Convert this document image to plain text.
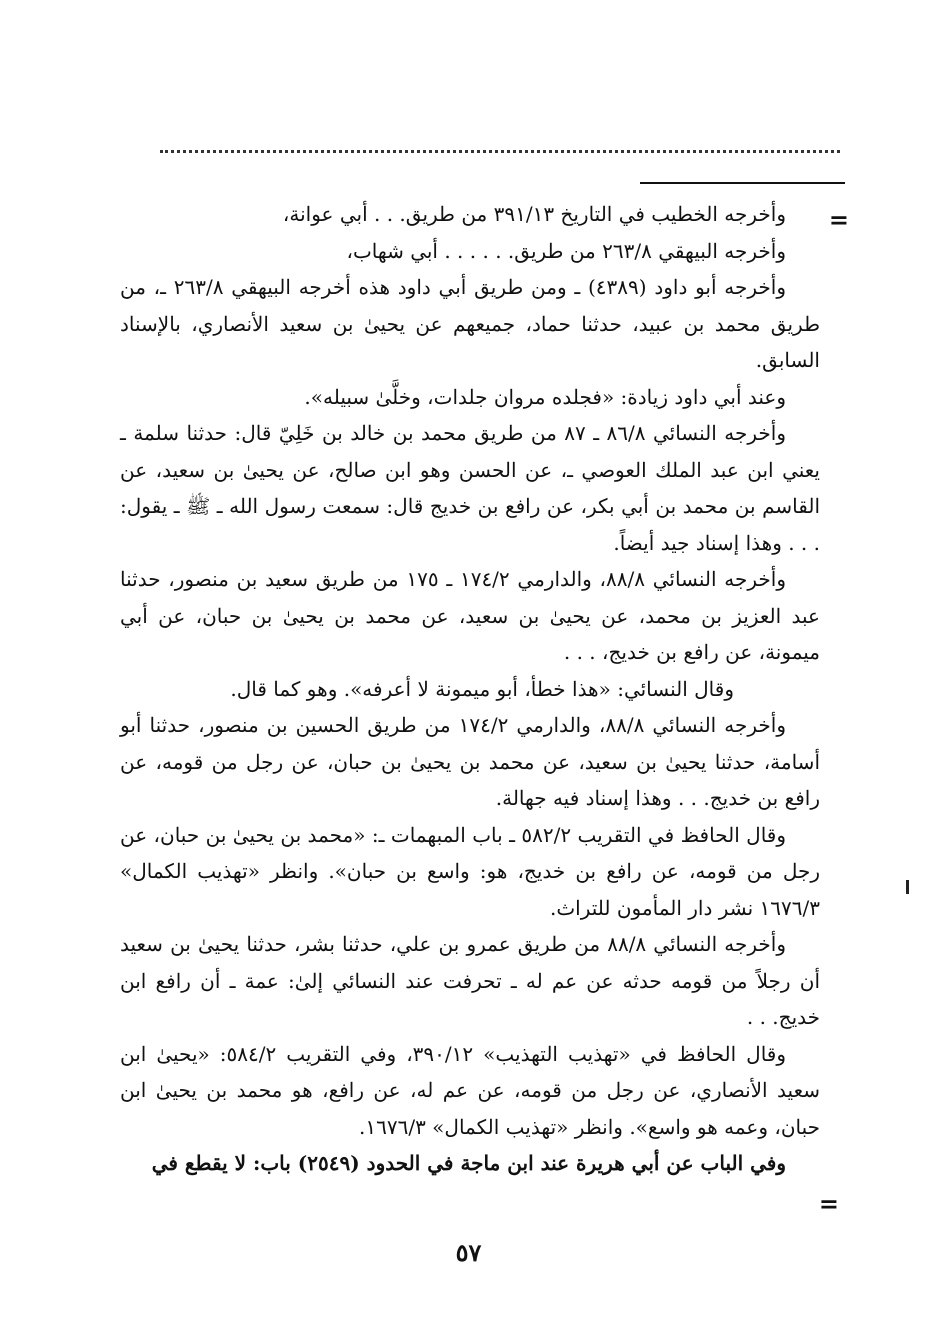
=

وأخرجه الخطيب في التاريخ ٣٩١/١٣ من طريق. . . أبي عوانة،

وأخرجه البيهقي ٢٦٣/٨ من طريق. . . . . . أبي شهاب،

وأخرجه أبو داود (٤٣٨٩) ـ ومن طريق أبي داود هذه أخرجه البيهقي ٢٦٣/٨ ـ، من طريق محمد بن عبيد، حدثنا حماد، جميعهم عن يحيىٰ بن سعيد الأنصاري، بالإسناد السابق.

وعند أبي داود زيادة: «فجلده مروان جلدات، وخلَّىٰ سبيله».

وأخرجه النسائي ٨٦/٨ ـ ٨٧ من طريق محمد بن خالد بن خَلِيّ قال: حدثنا سلمة ـ يعني ابن عبد الملك العوصي ـ، عن الحسن وهو ابن صالح، عن يحيىٰ بن سعيد، عن القاسم بن محمد بن أبي بكر، عن رافع بن خديج قال: سمعت رسول الله ـ ﷺ ـ يقول: . . . وهذا إسناد جيد أيضاً.

وأخرجه النسائي ٨٨/٨، والدارمي ١٧٤/٢ ـ ١٧٥ من طريق سعيد بن منصور، حدثنا عبد العزيز بن محمد، عن يحيىٰ بن سعيد، عن محمد بن يحيىٰ بن حبان، عن أبي ميمونة، عن رافع بن خديج، . . .

وقال النسائي: «هذا خطأ، أبو ميمونة لا أعرفه». وهو كما قال.

وأخرجه النسائي ٨٨/٨، والدارمي ١٧٤/٢ من طريق الحسين بن منصور، حدثنا أبو أسامة، حدثنا يحيىٰ بن سعيد، عن محمد بن يحيىٰ بن حبان، عن رجل من قومه، عن رافع بن خديج. . . وهذا إسناد فيه جهالة.

وقال الحافظ في التقريب ٥٨٢/٢ ـ باب المبهمات ـ: «محمد بن يحيىٰ بن حبان، عن رجل من قومه، عن رافع بن خديج، هو: واسع بن حبان». وانظر «تهذيب الكمال» ١٦٧٦/٣ نشر دار المأمون للتراث.

وأخرجه النسائي ٨٨/٨ من طريق عمرو بن علي، حدثنا بشر، حدثنا يحيىٰ بن سعيد أن رجلاً من قومه حدثه عن عم له ـ تحرفت عند النسائي إلىٰ: عمة ـ أن رافع ابن خديج. . .

وقال الحافظ في «تهذيب التهذيب» ٣٩٠/١٢، وفي التقريب ٥٨٤/٢: «يحيىٰ ابن سعيد الأنصاري، عن رجل من قومه، عن عم له، عن رافع، هو محمد بن يحيىٰ ابن حبان، وعمه هو واسع». وانظر «تهذيب الكمال» ١٦٧٦/٣.

وفي الباب عن أبي هريرة عند ابن ماجة في الحدود (٢٥٤٩) باب: لا يقطع في

=
٥٧
